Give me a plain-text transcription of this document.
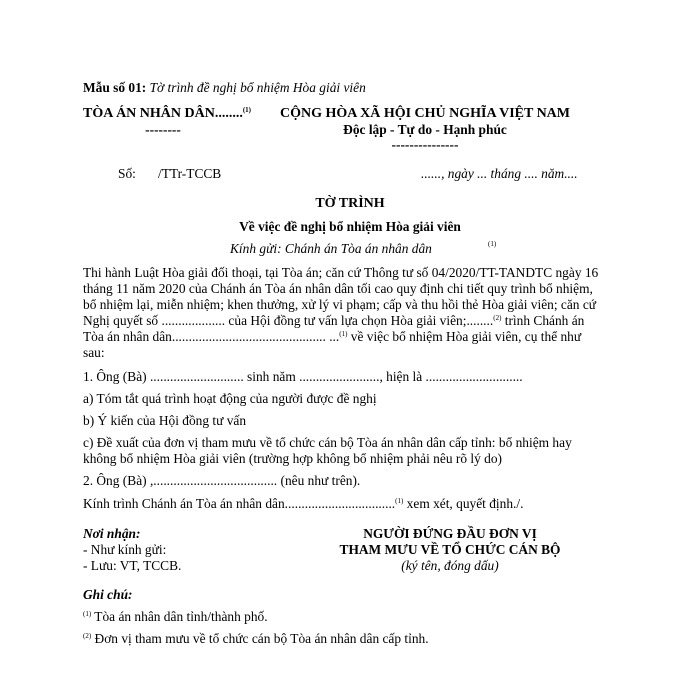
Mẫu số 01: Tờ trình đề nghị bổ nhiệm Hòa giải viên
TÒA ÁN NHÂN DÂN........$^{(1)}$
--------
CỘNG HÒA XÃ HỘI CHỦ NGHĨA VIỆT NAM
Độc lập - Tự do - Hạnh phúc
---------------
Số: /TTr-TCCB	......, ngày ... tháng .... năm....
TỜ TRÌNH
Về việc đề nghị bổ nhiệm Hòa giải viên
Kính gửi: Chánh án Tòa án nhân dân	(1)
Thi hành Luật Hòa giải đối thoại, tại Tòa án; căn cứ Thông tư số 04/2020/TT-TANDTC ngày 16
tháng 11 năm 2020 của Chánh án Tòa án nhân dân tối cao quy định chi tiết quy trình bổ nhiệm,
bổ nhiệm lại, miễn nhiệm; khen thưởng, xử lý vi phạm; cấp và thu hồi thẻ Hòa giải viên; căn cứ
Nghị quyết số ................... của Hội đồng tư vấn lựa chọn Hòa giải viên;........$^{(2)}$ trình Chánh án
Tòa án nhân dân.............................................. ...$^{(1)}$ về việc bổ nhiệm Hòa giải viên, cụ thể như
sau:
1. Ông (Bà) ............................ sinh năm ........................, hiện là .............................
a) Tóm tắt quá trình hoạt động của người được đề nghị
b) Ý kiến của Hội đồng tư vấn
c) Đề xuất của đơn vị tham mưu về tổ chức cán bộ Tòa án nhân dân cấp tỉnh: bổ nhiệm hay
không bổ nhiệm Hòa giải viên (trường hợp không bổ nhiệm phải nêu rõ lý do)
2. Ông (Bà) ,..................................... (nêu như trên).
Kính trình Chánh án Tòa án nhân dân.................................$^{(1)}$ xem xét, quyết định./.
Nơi nhận:
- Như kính gửi:
- Lưu: VT, TCCB.
NGƯỜI ĐỨNG ĐẦU ĐƠN VỊ
THAM MƯU VỀ TỔ CHỨC CÁN BỘ
(ký tên, đóng dấu)
Ghi chú:
$^{(1)}$ Tòa án nhân dân tỉnh/thành phố.
$^{(2)}$ Đơn vị tham mưu về tổ chức cán bộ Tòa án nhân dân cấp tỉnh.
